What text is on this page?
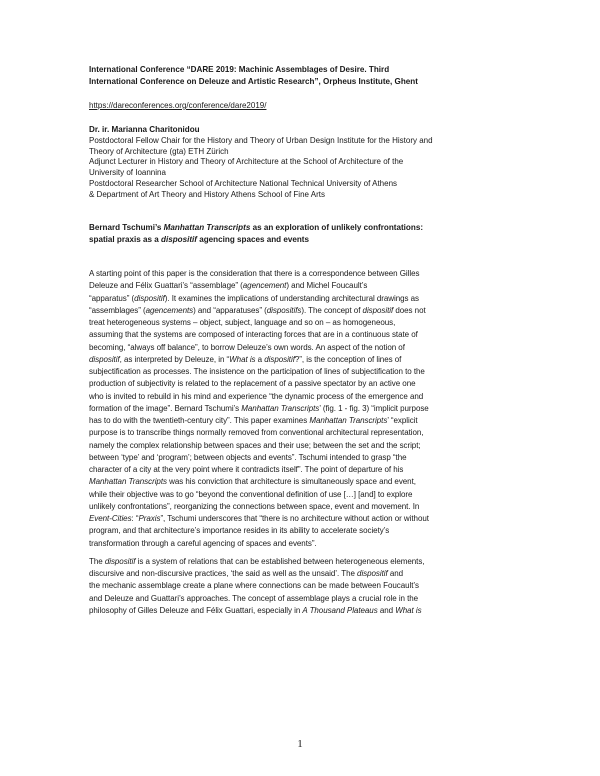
International Conference “DARE 2019: Machinic Assemblages of Desire. Third

International Conference on Deleuze and Artistic Research”, Orpheus Institute, Ghent

https://dareconferences.org/conference/dare2019/

Dr. ir. Marianna Charitonidou

Postdoctoral Fellow Chair for the History and Theory of Urban Design Institute for the History and

Theory of Architecture (gta) ETH Zürich

Adjunct Lecturer in History and Theory of Architecture at the School of Architecture of the

University of Ioannina

Postdoctoral Researcher School of Architecture National Technical University of Athens

& Department of Art Theory and History Athens School of Fine Arts

Bernard Tschumi’s Manhattan Transcripts as an exploration of unlikely confrontations:

spatial praxis as a dispositif agencing spaces and events

A starting point of this paper is the consideration that there is a correspondence between Gilles

Deleuze and Félix Guattari’s “assemblage” (agencement) and Michel Foucault’s

“apparatus” (dispositif). It examines the implications of understanding architectural drawings as

“assemblages” (agencements) and “apparatuses” (dispositifs). The concept of dispositif does not

treat heterogeneous systems – object, subject, language and so on – as homogeneous,

assuming that the systems are composed of interacting forces that are in a continuous state of

becoming, “always off balance”, to borrow Deleuze’s own words. An aspect of the notion of

dispositif, as interpreted by Deleuze, in “What is a dispositif?”, is the conception of lines of

subjectification as processes. The insistence on the participation of lines of subjectification to the

production of subjectivity is related to the replacement of a passive spectator by an active one

who is invited to rebuild in his mind and experience “the dynamic process of the emergence and

formation of the image”. Bernard Tschumi’s Manhattan Transcripts’ (fig. 1 - fig. 3) “implicit purpose

has to do with the twentieth-century city”. This paper examines Manhattan Transcripts’ “explicit

purpose is to transcribe things normally removed from conventional architectural representation,

namely the complex relationship between spaces and their use; between the set and the script;

between ‘type’ and ‘program’; between objects and events”. Tschumi intended to grasp “the

character of a city at the very point where it contradicts itself”. The point of departure of his

Manhattan Transcripts was his conviction that architecture is simultaneously space and event,

while their objective was to go “beyond the conventional definition of use […] [and] to explore

unlikely confrontations”, reorganizing the connections between space, event and movement. In

Event-Cities: “Praxis”, Tschumi underscores that “there is no architecture without action or without

program, and that architecture’s importance resides in its ability to accelerate society’s

transformation through a careful agencing of spaces and events”.

The dispositif is a system of relations that can be established between heterogeneous elements,

discursive and non-discursive practices, ‘the said as well as the unsaid’. The dispositif and

the mechanic assemblage create a plane where connections can be made between Foucault’s

and Deleuze and Guattari’s approaches. The concept of assemblage plays a crucial role in the

philosophy of Gilles Deleuze and Félix Guattari, especially in A Thousand Plateaus and What is

1
